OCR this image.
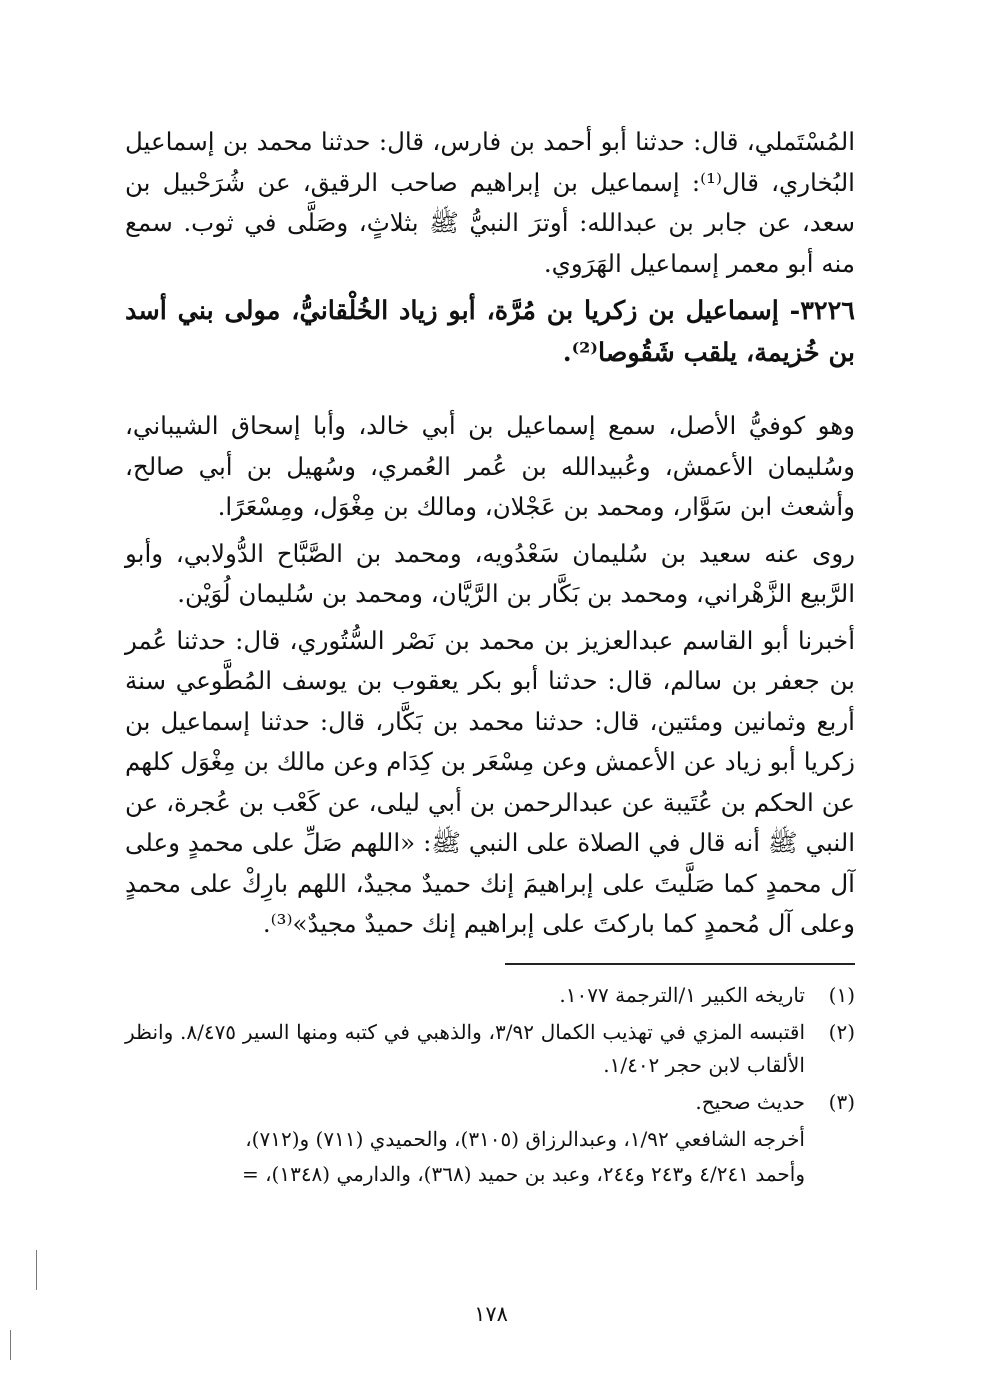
المُسْتَملي، قال: حدثنا أبو أحمد بن فارس، قال: حدثنا محمد بن إسماعيل البُخاري، قال⁽¹⁾: إسماعيل بن إبراهيم صاحب الرقيق، عن شُرَحْبيل بن سعد، عن جابر بن عبدالله: أوترَ النبيُّ ﷺ بثلاثٍ، وصَلَّى في ثوب. سمع منه أبو معمر إسماعيل الهَرَوي.

٣٢٢٦- إسماعيل بن زكريا بن مُرَّة، أبو زياد الخُلْقانيُّ، مولى بني أسد بن خُزيمة، يلقب شَقُوصا⁽²⁾.

وهو كوفيُّ الأصل، سمع إسماعيل بن أبي خالد، وأبا إسحاق الشيباني، وسُليمان الأعمش، وعُبيدالله بن عُمر العُمري، وسُهيل بن أبي صالح، وأشعث ابن سَوَّار، ومحمد بن عَجْلان، ومالك بن مِغْوَل، ومِسْعَرًا.

روى عنه سعيد بن سُليمان سَعْدُويه، ومحمد بن الصَّبَّاح الدُّولابي، وأبو الرَّبيع الزَّهْراني، ومحمد بن بَكَّار بن الرَّيَّان، ومحمد بن سُليمان لُوَيْن.

أخبرنا أبو القاسم عبدالعزيز بن محمد بن نَصْر السُّتُوري، قال: حدثنا عُمر بن جعفر بن سالم، قال: حدثنا أبو بكر يعقوب بن يوسف المُطَّوعي سنة أربع وثمانين ومئتين، قال: حدثنا محمد بن بَكَّار، قال: حدثنا إسماعيل بن زكريا أبو زياد عن الأعمش وعن مِسْعَر بن كِدَام وعن مالك بن مِغْوَل كلهم عن الحكم بن عُتَيبة عن عبدالرحمن بن أبي ليلى، عن كَعْب بن عُجرة، عن النبي ﷺ أنه قال في الصلاة على النبي ﷺ: «اللهم صَلِّ على محمدٍ وعلى آل محمدٍ كما صَلَّيتَ على إبراهيمَ إنك حميدٌ مجيدٌ، اللهم بارِكْ على محمدٍ وعلى آل مُحمدٍ كما باركتَ على إبراهيم إنك حميدٌ مجيدٌ»⁽³⁾.

(١)
تاريخه الكبير ١/الترجمة ١٠٧٧.
(٢)
اقتبسه المزي في تهذيب الكمال ٣/٩٢، والذهبي في كتبه ومنها السير ٨/٤٧٥. وانظر الألقاب لابن حجر ١/٤٠٢.
(٣)
حديث صحيح.

أخرجه الشافعي ١/٩٢، وعبدالرزاق (٣١٠٥)، والحميدي (٧١١) و(٧١٢)،

وأحمد ٤/٢٤١ و٢٤٣ و٢٤٤، وعبد بن حميد (٣٦٨)، والدارمي (١٣٤٨)، =

١٧٨
